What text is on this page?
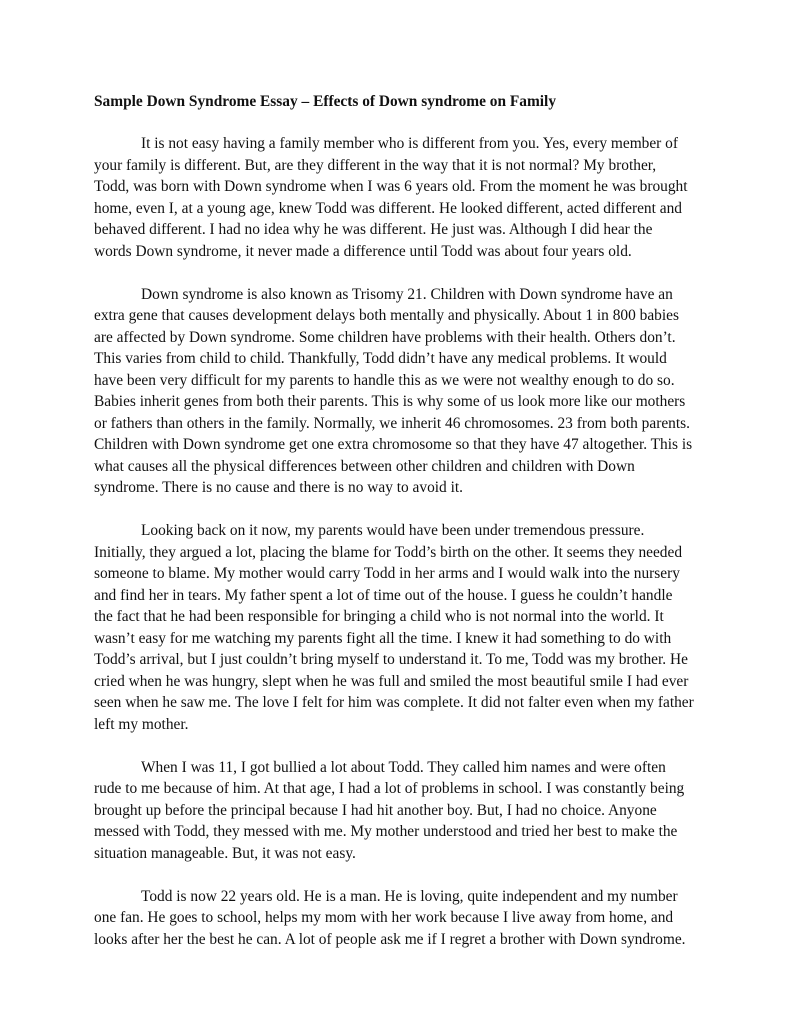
Sample Down Syndrome Essay – Effects of Down syndrome on Family
It is not easy having a family member who is different from you. Yes, every member of
your family is different. But, are they different in the way that it is not normal? My brother,
Todd, was born with Down syndrome when I was 6 years old. From the moment he was brought
home, even I, at a young age, knew Todd was different. He looked different, acted different and
behaved different. I had no idea why he was different. He just was. Although I did hear the
words Down syndrome, it never made a difference until Todd was about four years old.
Down syndrome is also known as Trisomy 21. Children with Down syndrome have an
extra gene that causes development delays both mentally and physically. About 1 in 800 babies
are affected by Down syndrome. Some children have problems with their health. Others don’t.
This varies from child to child. Thankfully, Todd didn’t have any medical problems. It would
have been very difficult for my parents to handle this as we were not wealthy enough to do so.
Babies inherit genes from both their parents. This is why some of us look more like our mothers
or fathers than others in the family. Normally, we inherit 46 chromosomes. 23 from both parents.
Children with Down syndrome get one extra chromosome so that they have 47 altogether. This is
what causes all the physical differences between other children and children with Down
syndrome. There is no cause and there is no way to avoid it.
Looking back on it now, my parents would have been under tremendous pressure.
Initially, they argued a lot, placing the blame for Todd’s birth on the other. It seems they needed
someone to blame. My mother would carry Todd in her arms and I would walk into the nursery
and find her in tears. My father spent a lot of time out of the house. I guess he couldn’t handle
the fact that he had been responsible for bringing a child who is not normal into the world. It
wasn’t easy for me watching my parents fight all the time. I knew it had something to do with
Todd’s arrival, but I just couldn’t bring myself to understand it. To me, Todd was my brother. He
cried when he was hungry, slept when he was full and smiled the most beautiful smile I had ever
seen when he saw me. The love I felt for him was complete. It did not falter even when my father
left my mother.
When I was 11, I got bullied a lot about Todd. They called him names and were often
rude to me because of him. At that age, I had a lot of problems in school. I was constantly being
brought up before the principal because I had hit another boy. But, I had no choice. Anyone
messed with Todd, they messed with me. My mother understood and tried her best to make the
situation manageable. But, it was not easy.
Todd is now 22 years old. He is a man. He is loving, quite independent and my number
one fan. He goes to school, helps my mom with her work because I live away from home, and
looks after her the best he can. A lot of people ask me if I regret a brother with Down syndrome.
